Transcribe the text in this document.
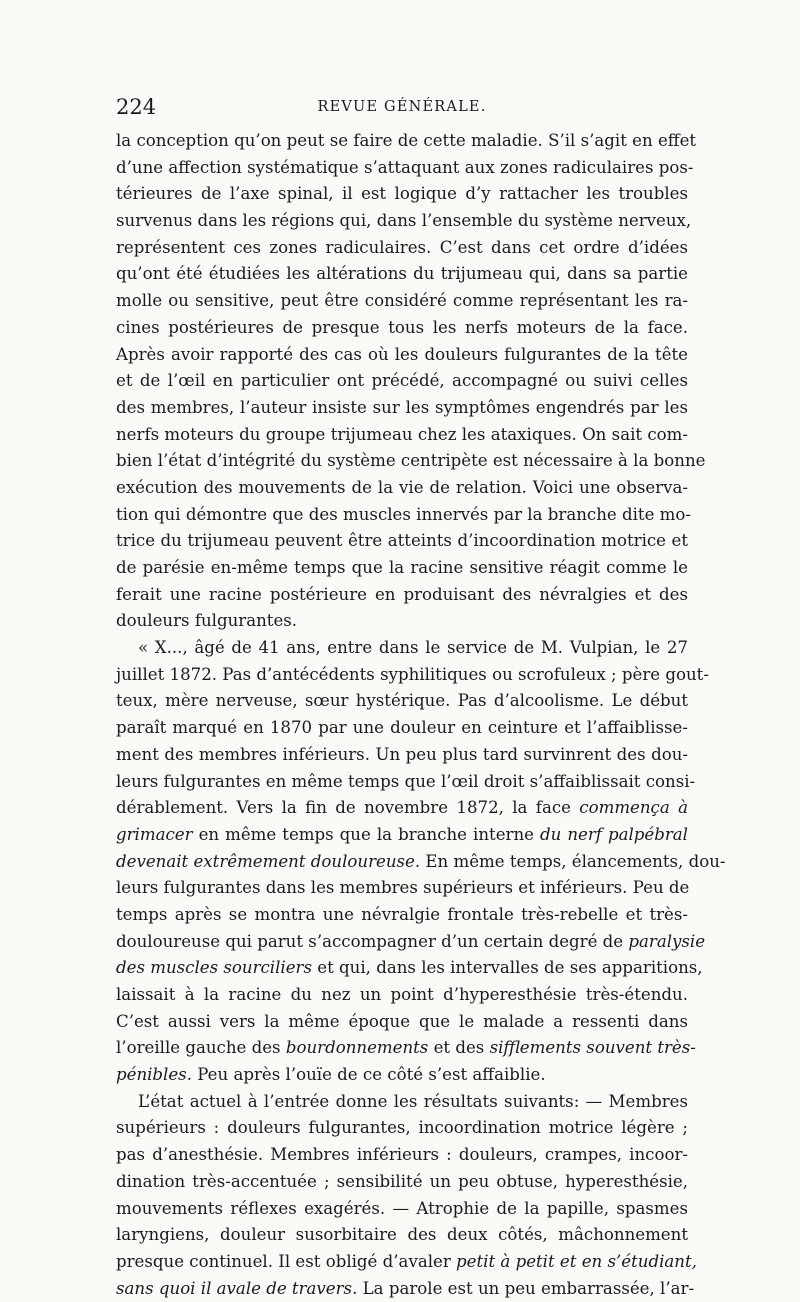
224	REVUE GÉNÉRALE.
la conception qu’on peut se faire de cette maladie. S’il s’agit en effet
d’une affection systématique s’attaquant aux zones radiculaires pos-
térieures de l’axe spinal, il est logique d’y rattacher les troubles
survenus dans les régions qui, dans l’ensemble du système nerveux,
représentent ces zones radiculaires. C’est dans cet ordre d’idées
qu’ont été étudiées les altérations du trijumeau qui, dans sa partie
molle ou sensitive, peut être considéré comme représentant les ra-
cines postérieures de presque tous les nerfs moteurs de la face.
Après avoir rapporté des cas où les douleurs fulgurantes de la tête
et de l’œil en particulier ont précédé, accompagné ou suivi celles
des membres, l’auteur insiste sur les symptômes engendrés par les
nerfs moteurs du groupe trijumeau chez les ataxiques. On sait com-
bien l’état d’intégrité du système centripète est nécessaire à la bonne
exécution des mouvements de la vie de relation. Voici une observa-
tion qui démontre que des muscles innervés par la branche dite mo-
trice du trijumeau peuvent être atteints d’incoordination motrice et
de parésie en-même temps que la racine sensitive réagit comme le
ferait une racine postérieure en produisant des névralgies et des
douleurs fulgurantes.
« X..., âgé de 41 ans, entre dans le service de M. Vulpian, le 27
juillet 1872. Pas d’antécédents syphilitiques ou scrofuleux ; père gout-
teux, mère nerveuse, sœur hystérique. Pas d’alcoolisme. Le début
paraît marqué en 1870 par une douleur en ceinture et l’affaiblisse-
ment des membres inférieurs. Un peu plus tard survinrent des dou-
leurs fulgurantes en même temps que l’œil droit s’affaiblissait consi-
dérablement. Vers la fin de novembre 1872, la face commença à
grimacer en même temps que la branche interne du nerf palpébral
devenait extrêmement douloureuse. En même temps, élancements, dou-
leurs fulgurantes dans les membres supérieurs et inférieurs. Peu de
temps après se montra une névralgie frontale très-rebelle et très-
douloureuse qui parut s’accompagner d’un certain degré de paralysie
des muscles sourciliers et qui, dans les intervalles de ses apparitions,
laissait à la racine du nez un point d’hyperesthésie très-étendu.
C’est aussi vers la même époque que le malade a ressenti dans
l’oreille gauche des bourdonnements et des sifflements souvent très-
pénibles. Peu après l’ouïe de ce côté s’est affaiblie.
L’état actuel à l’entrée donne les résultats suivants: — Membres
supérieurs : douleurs fulgurantes, incoordination motrice légère ;
pas d’anesthésie. Membres inférieurs : douleurs, crampes, incoor-
dination très-accentuée ; sensibilité un peu obtuse, hyperesthésie,
mouvements réflexes exagérés. — Atrophie de la papille, spasmes
laryngiens, douleur susorbitaire des deux côtés, mâchonnement
presque continuel. Il est obligé d’avaler petit à petit et en s’étudiant,
sans quoi il avale de travers. La parole est un peu embarrassée, l’ar-
